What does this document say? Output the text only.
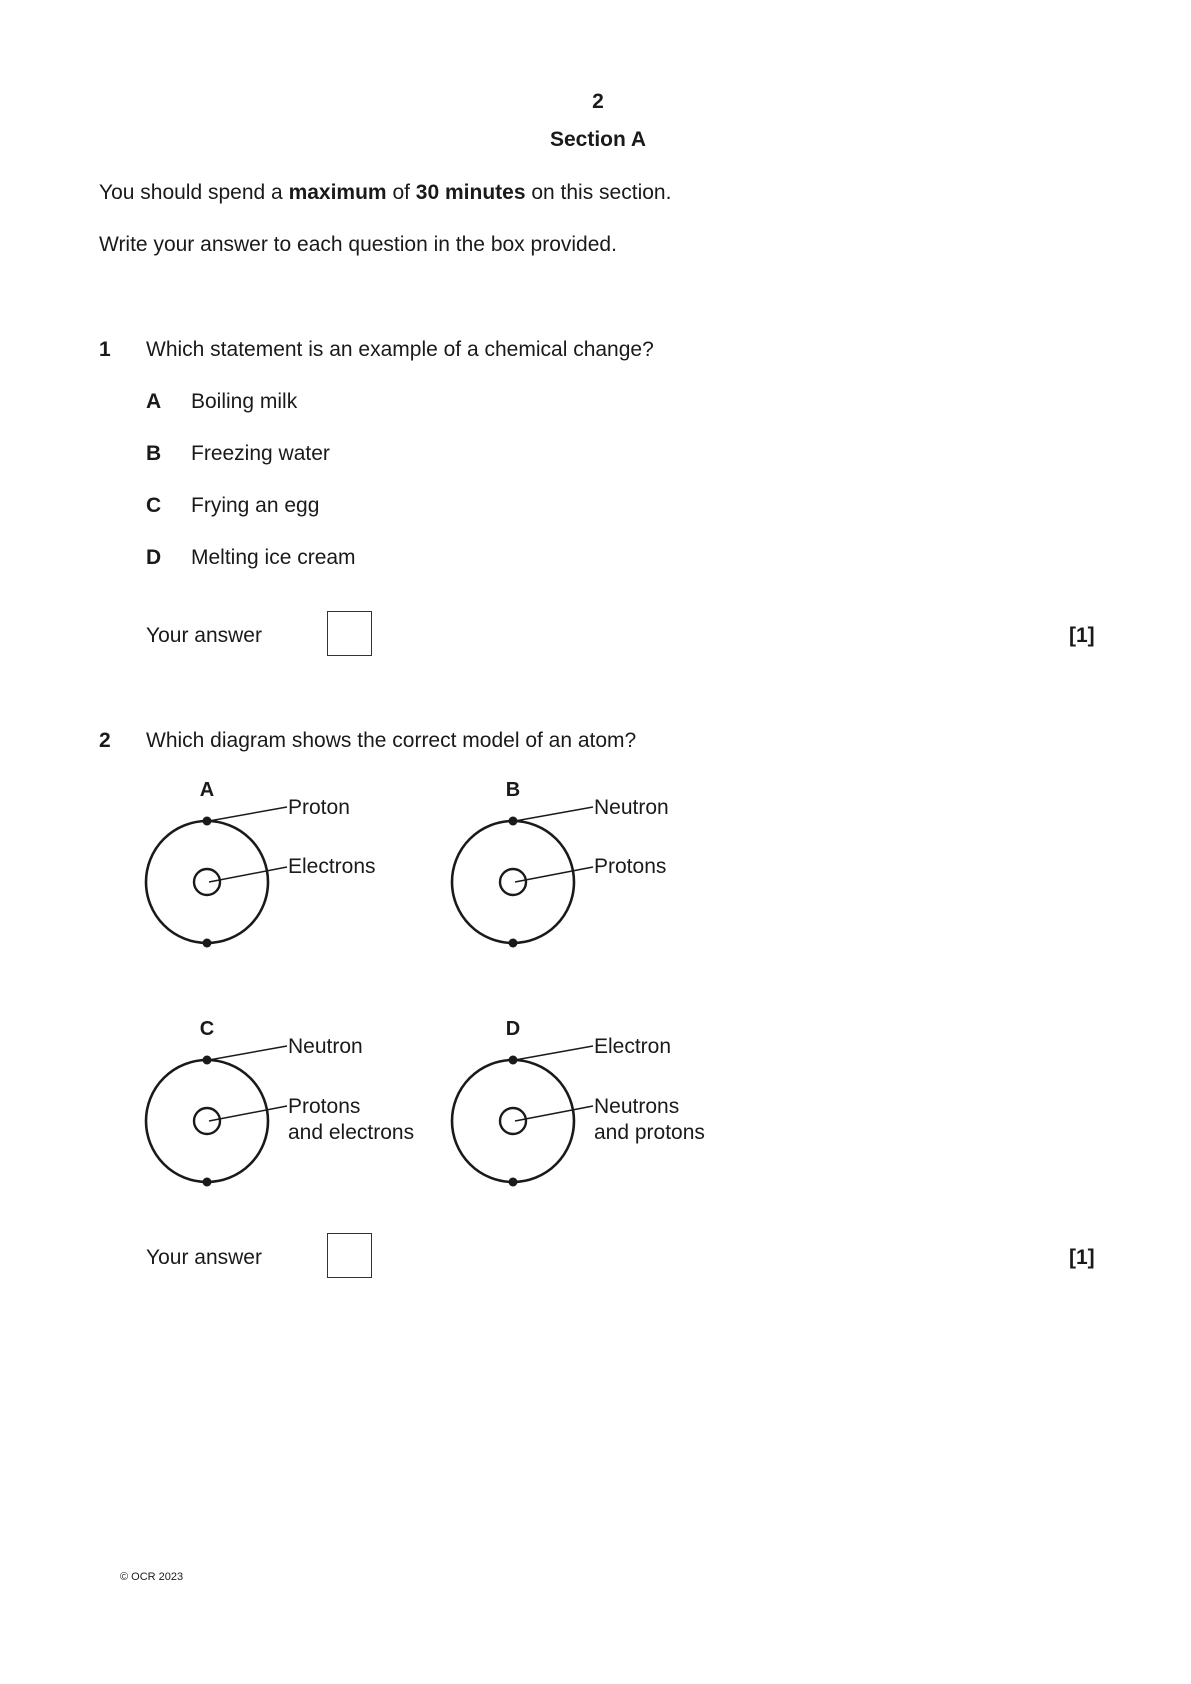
2
Section A
You should spend a maximum of 30 minutes on this section.
Write your answer to each question in the box provided.
1 Which statement is an example of a chemical change?
A Boiling milk
B Freezing water
C Frying an egg
D Melting ice cream
Your answer	[1]
2 Which diagram shows the correct model of an atom?
A
Proton
Electrons
B
Neutron
Protons
C
Neutron
Protons
and electrons
D
Electron
Neutrons
and protons
Your answer	[1]
© OCR 2023
